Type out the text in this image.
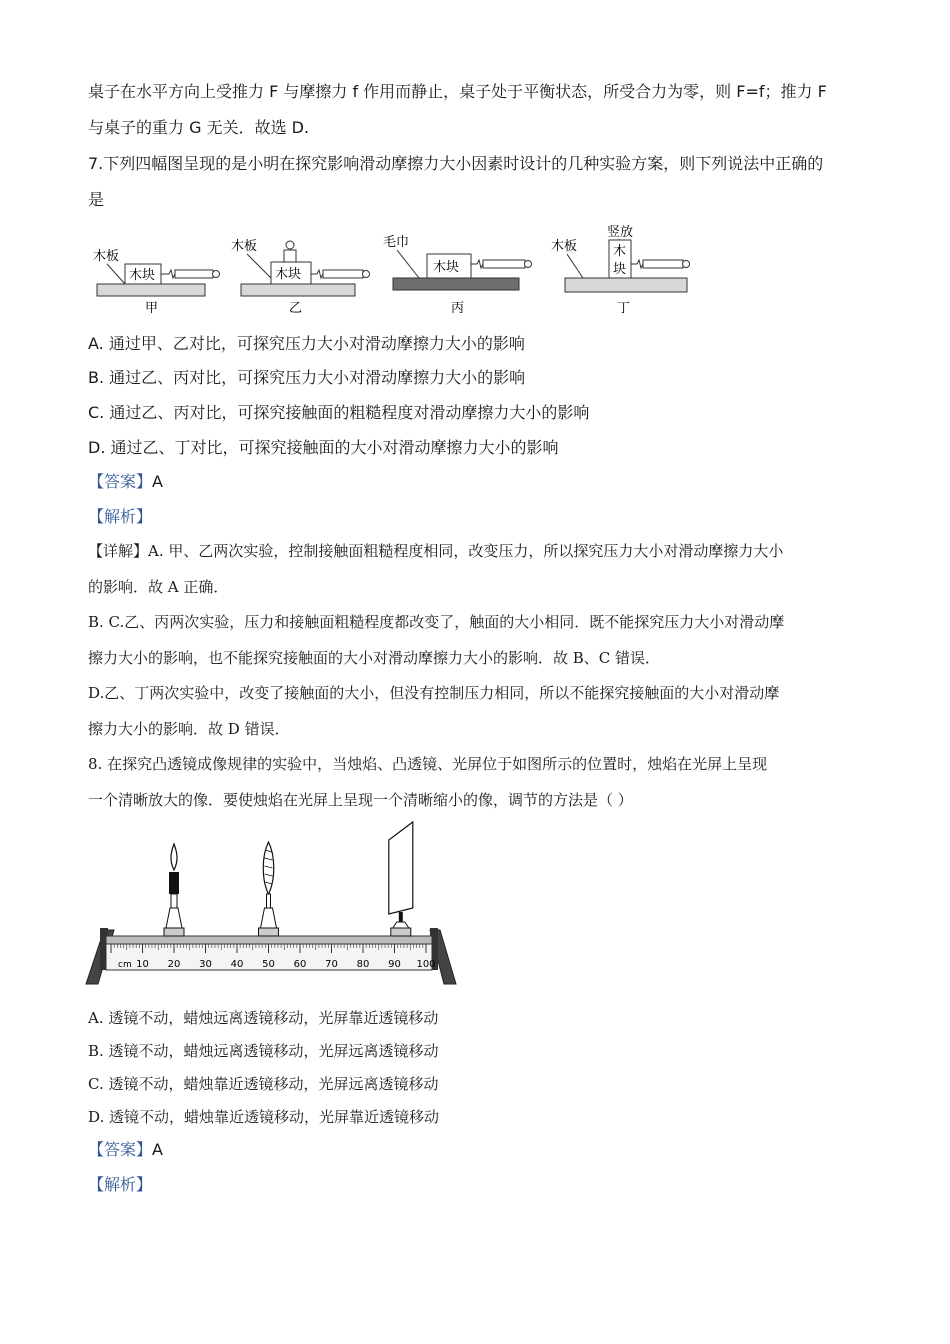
桌子在水平方向上受推力 F 与摩擦力 f 作用而静止，桌子处于平衡状态，所受合力为零，则 F=f；推力 F
与桌子的重力 G 无关．故选 D.
7.下列四幅图呈现的是小明在探究影响滑动摩擦力大小因素时设计的几种实验方案，则下列说法中正确的
是
木板
木块
甲
木板
木块
乙
毛巾
木块
丙
木板
竖放
木
块
丁
A. 通过甲、乙对比，可探究压力大小对滑动摩擦力大小的影响
B. 通过乙、丙对比，可探究压力大小对滑动摩擦力大小的影响
C. 通过乙、丙对比，可探究接触面的粗糙程度对滑动摩擦力大小的影响
D. 通过乙、丁对比，可探究接触面的大小对滑动摩擦力大小的影响
【答案】A
【解析】
【详解】A. 甲、乙两次实验，控制接触面粗糙程度相同，改变压力，所以探究压力大小对滑动摩擦力大小
的影响．故 A 正确．
B. C.乙、丙两次实验，压力和接触面粗糙程度都改变了，触面的大小相同．既不能探究压力大小对滑动摩
擦力大小的影响，也不能探究接触面的大小对滑动摩擦力大小的影响．故 B、C 错误．
D.乙、丁两次实验中，改变了接触面的大小，但没有控制压力相同，所以不能探究接触面的大小对滑动摩
擦力大小的影响．故 D 错误．
8. 在探究凸透镜成像规律的实验中，当烛焰、凸透镜、光屏位于如图所示的位置时，烛焰在光屏上呈现
一个清晰放大的像．要使烛焰在光屏上呈现一个清晰缩小的像，调节的方法是（ ）
cm 10 20 30 40 50 60 70 80 90 100
A. 透镜不动，蜡烛远离透镜移动，光屏靠近透镜移动
B. 透镜不动，蜡烛远离透镜移动，光屏远离透镜移动
C. 透镜不动，蜡烛靠近透镜移动，光屏远离透镜移动
D. 透镜不动，蜡烛靠近透镜移动，光屏靠近透镜移动
【答案】A
【解析】
